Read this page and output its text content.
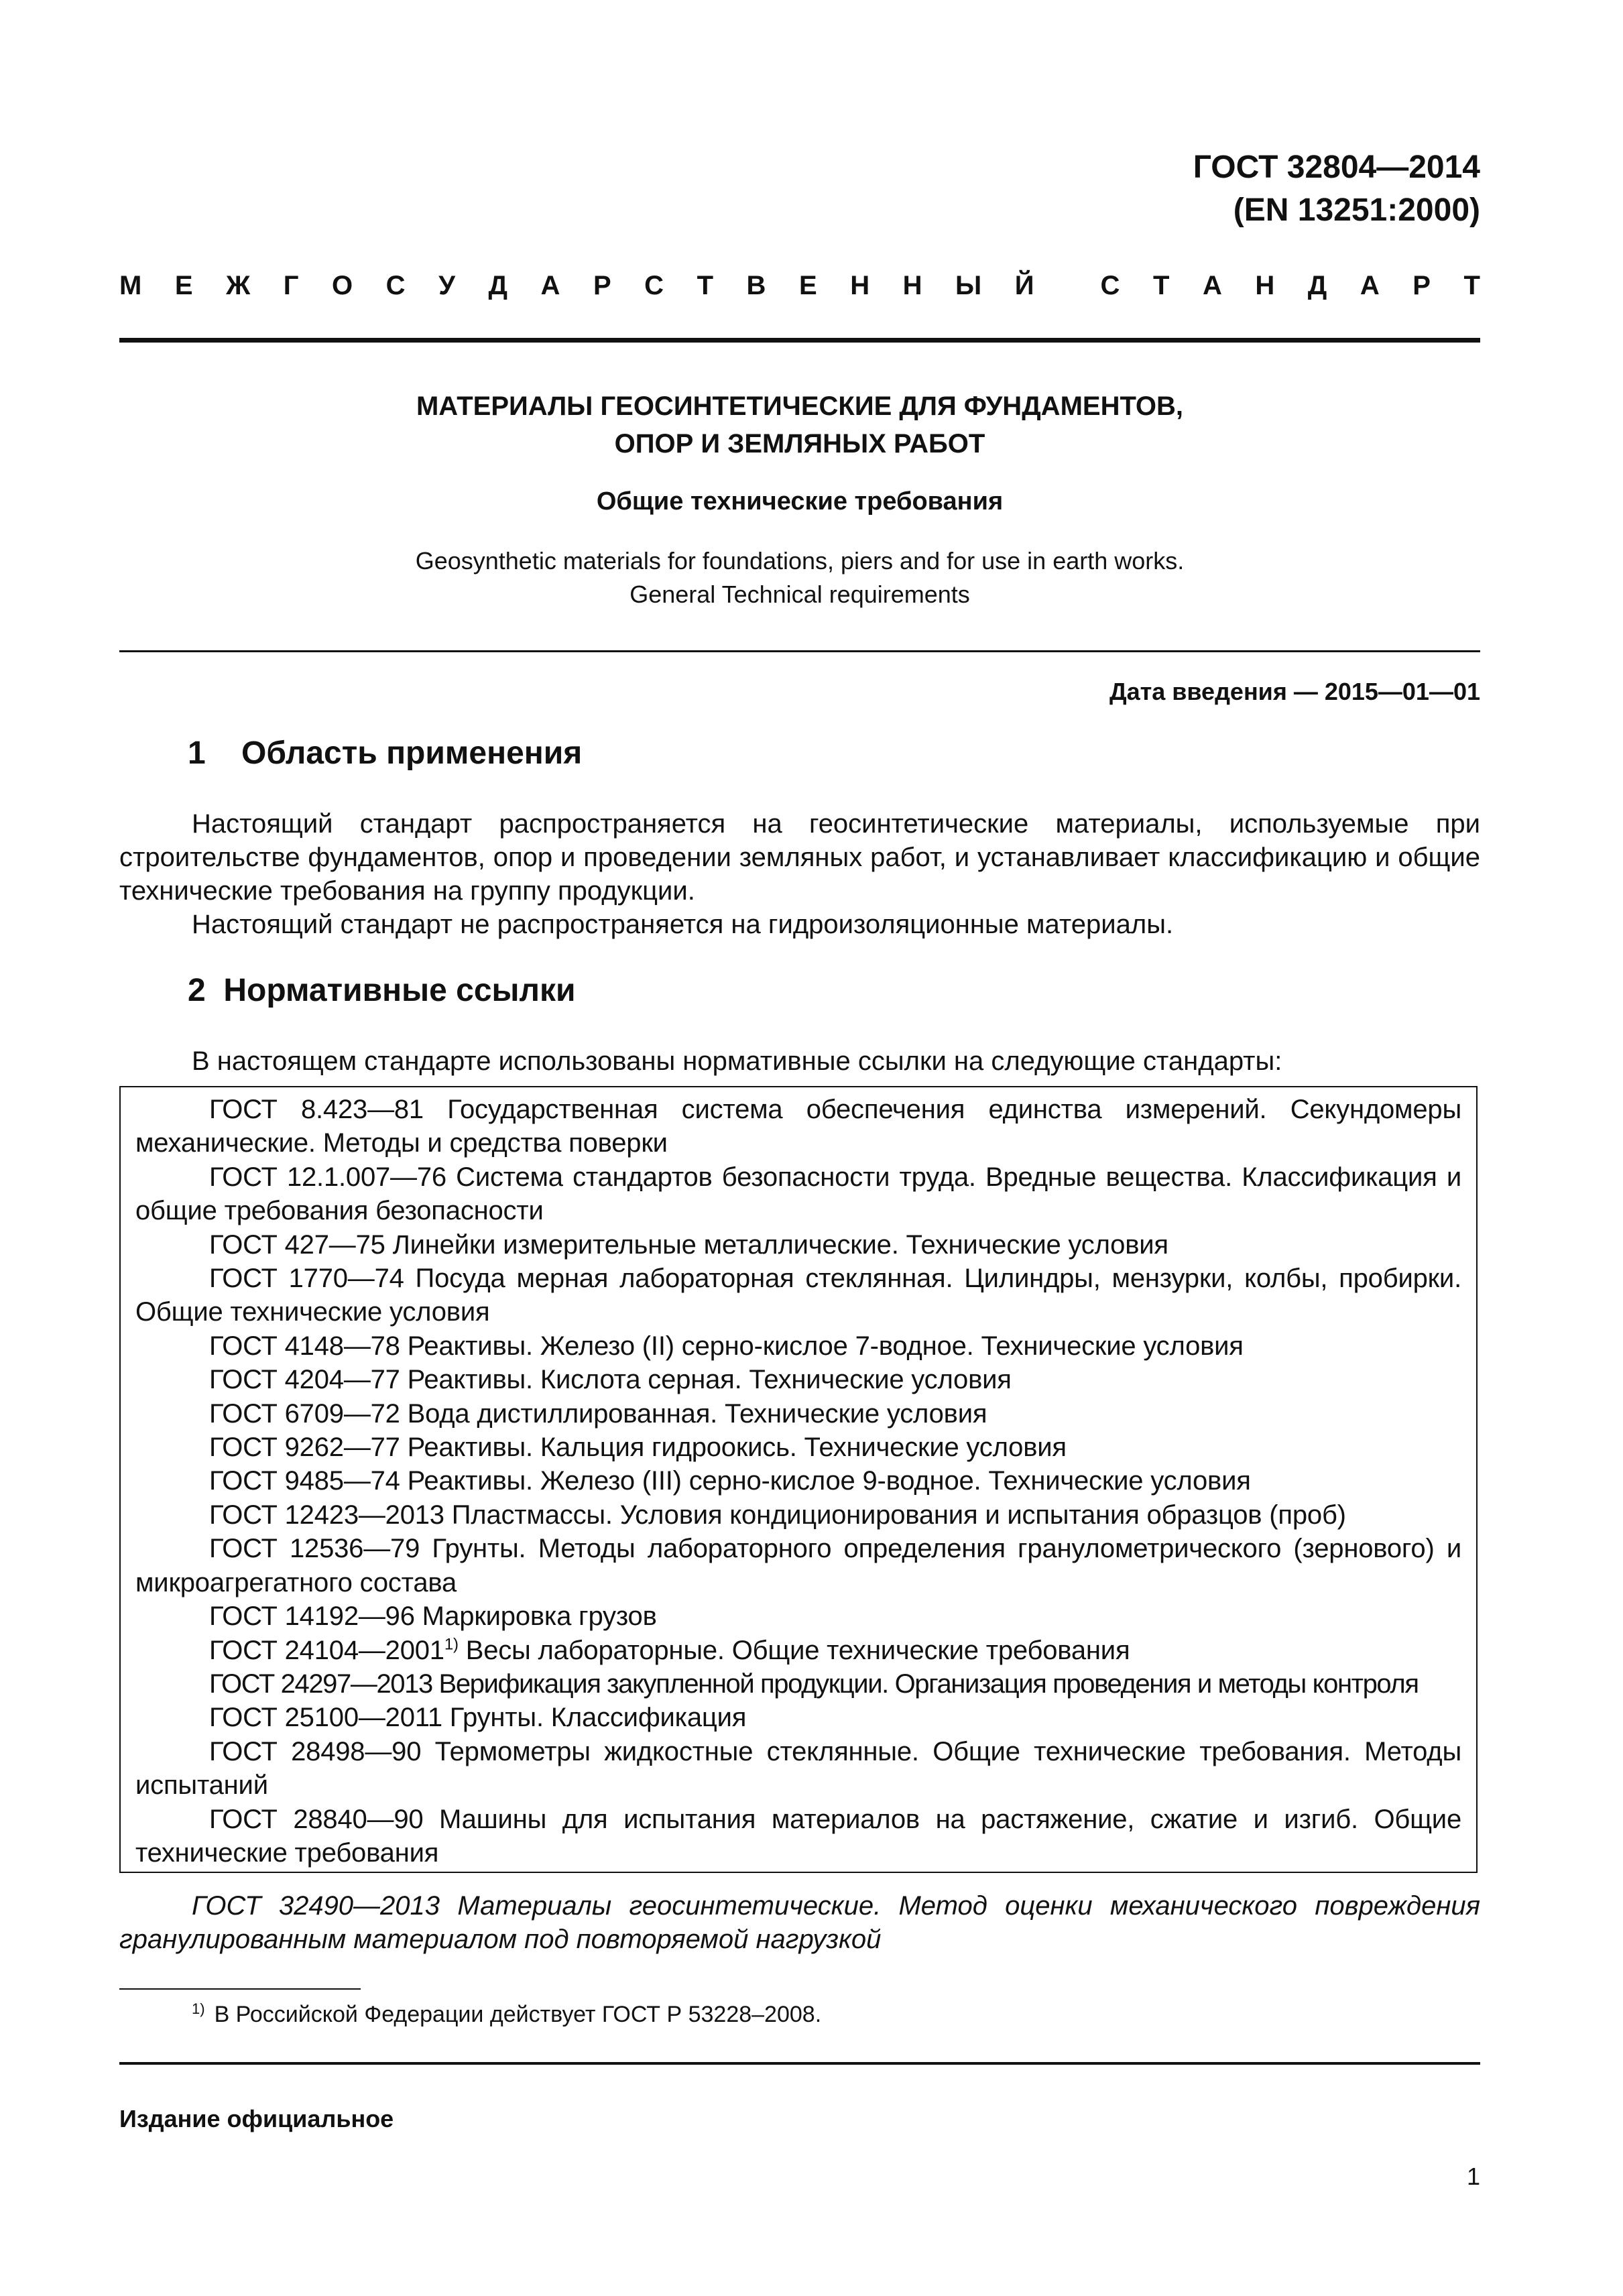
ГОСТ 32804—2014
(EN 13251:2000)
М Е Ж Г О С У Д А Р С Т В Е Н Н Ы Й С Т А Н Д А Р Т
МАТЕРИАЛЫ ГЕОСИНТЕТИЧЕСКИЕ ДЛЯ ФУНДАМЕНТОВ,
ОПОР И ЗЕМЛЯНЫХ РАБОТ
Общие технические требования
Geosynthetic materials for foundations, piers and for use in earth works.
General Technical requirements
Дата введения — 2015—01—01
1    Область применения
Настоящий стандарт распространяется на геосинтетические материалы, используемые при строительстве фундаментов, опор и проведении земляных работ, и устанавливает классификацию и общие технические требования на группу продукции.
Настоящий стандарт не распространяется на гидроизоляционные материалы.
2  Нормативные ссылки
В настоящем стандарте использованы нормативные ссылки на следующие стандарты:

ГОСТ 8.423—81 Государственная система обеспечения единства измерений. Секундомеры механические. Методы и средства поверки

ГОСТ 12.1.007—76 Система стандартов безопасности труда. Вредные вещества. Классификация и общие требования безопасности

ГОСТ 427—75 Линейки измерительные металлические. Технические условия

ГОСТ 1770—74 Посуда мерная лабораторная стеклянная. Цилиндры, мензурки, колбы, пробирки. Общие технические условия

ГОСТ 4148—78 Реактивы. Железо (II) серно-кислое 7-водное. Технические условия

ГОСТ 4204—77 Реактивы. Кислота серная. Технические условия

ГОСТ 6709—72 Вода дистиллированная. Технические условия

ГОСТ 9262—77 Реактивы. Кальция гидроокись. Технические условия

ГОСТ 9485—74 Реактивы. Железо (III) серно-кислое 9-водное. Технические условия

ГОСТ 12423—2013 Пластмассы. Условия кондиционирования и испытания образцов (проб)

ГОСТ 12536—79 Грунты. Методы лабораторного определения гранулометрического (зернового) и микроагрегатного состава

ГОСТ 14192—96 Маркировка грузов

ГОСТ 24104—2001$^{1)}$ Весы лабораторные. Общие технические требования

ГОСТ 24297—2013 Верификация закупленной продукции. Организация проведения и методы контроля

ГОСТ 25100—2011 Грунты. Классификация

ГОСТ 28498—90 Термометры жидкостные стеклянные. Общие технические требования. Методы испытаний

ГОСТ 28840—90 Машины для испытания материалов на растяжение, сжатие и изгиб. Общие технические требования

ГОСТ 32490—2013 Материалы геосинтетические. Метод оценки механического повреждения гранулированным материалом под повторяемой нагрузкой
$^{1)}$ В Российской Федерации действует ГОСТ Р 53228–2008.
Издание официальное
1
